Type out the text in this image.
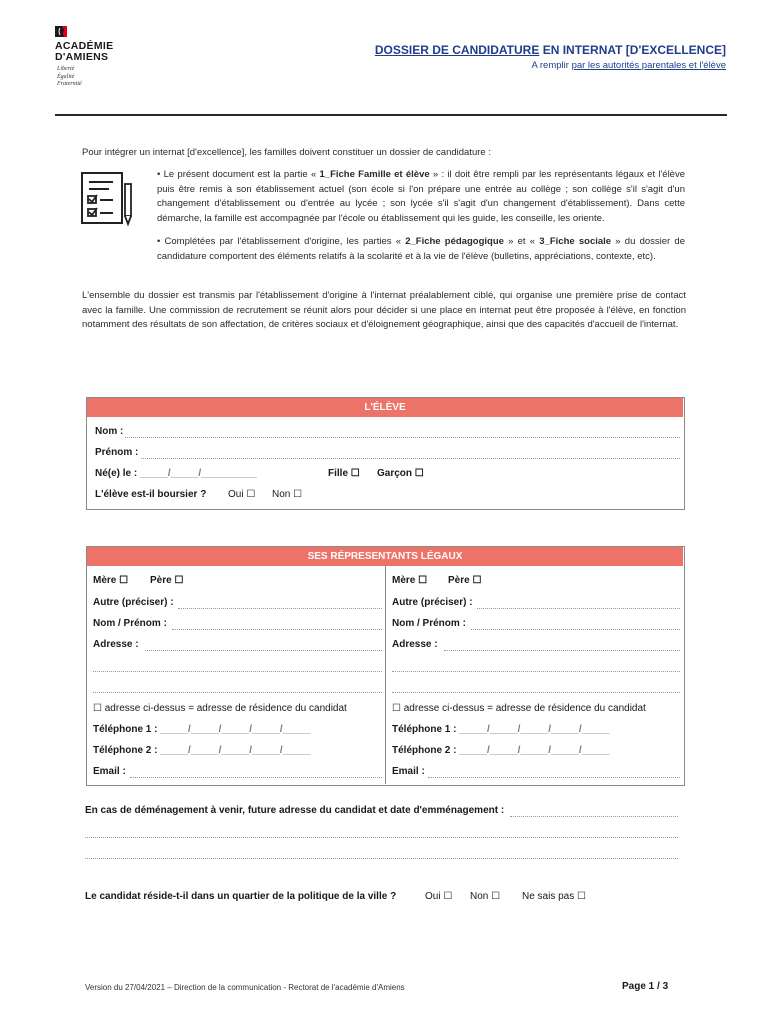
ACADÉMIE
D'AMIENS
Liberté
Égalité
Fraternité
DOSSIER DE CANDIDATURE EN INTERNAT [D'EXCELLENCE]
A remplir par les autorités parentales et l'élève
Pour intégrer un internat [d'excellence], les familles doivent constituer un dossier de candidature :
• Le présent document est la partie « 1_Fiche Famille et élève » : il doit être rempli par les représentants légaux et l'élève puis être remis à son établissement actuel (son école si l'on prépare une entrée au collège ; son collège s'il s'agit d'un changement d'établissement ou d'entrée au lycée ; son lycée s'il s'agit d'un changement d'établissement). Dans cette démarche, la famille est accompagnée par l'école ou établissement qui les guide, les conseille, les oriente.
• Complétées par l'établissement d'origine, les parties « 2_Fiche pédagogique » et « 3_Fiche sociale » du dossier de candidature comportent des éléments relatifs à la scolarité et à la vie de l'élève (bulletins, appréciations, contexte, etc).
L'ensemble du dossier est transmis par l'établissement d'origine à l'internat préalablement ciblé, qui organise une première prise de contact avec la famille. Une commission de recrutement se réunit alors pour décider si une place en internat peut être proposée à l'élève, en fonction notamment des résultats de son affectation, de critères sociaux et d'éloignement géographique, ainsi que des capacités d'accueil de l'internat.
L'ÉLÈVE
Nom :
Prénom :
Né(e) le : _____/_____/__________	Fille ☐ Garçon ☐
L'élève est-il boursier ? Oui ☐ Non ☐
SES RÉPRESENTANTS LÉGAUX
Mère ☐ Père ☐
Autre (préciser) :
Nom / Prénom :
Adresse :
☐ adresse ci-dessus = adresse de résidence du candidat
Téléphone 1 : _____/_____/_____/_____/_____
Téléphone 2 : _____/_____/_____/_____/_____
Email :
Mère ☐ Père ☐
Autre (préciser) :
Nom / Prénom :
Adresse :
☐ adresse ci-dessus = adresse de résidence du candidat
Téléphone 1 : _____/_____/_____/_____/_____
Téléphone 2 : _____/_____/_____/_____/_____
Email :
En cas de déménagement à venir, future adresse du candidat et date d'emménagement :
Le candidat réside-t-il dans un quartier de la politique de la ville ?	Oui ☐ Non ☐ Ne sais pas ☐
Version du 27/04/2021 – Direction de la communication - Rectorat de l'académie d'Amiens	Page 1 / 3
